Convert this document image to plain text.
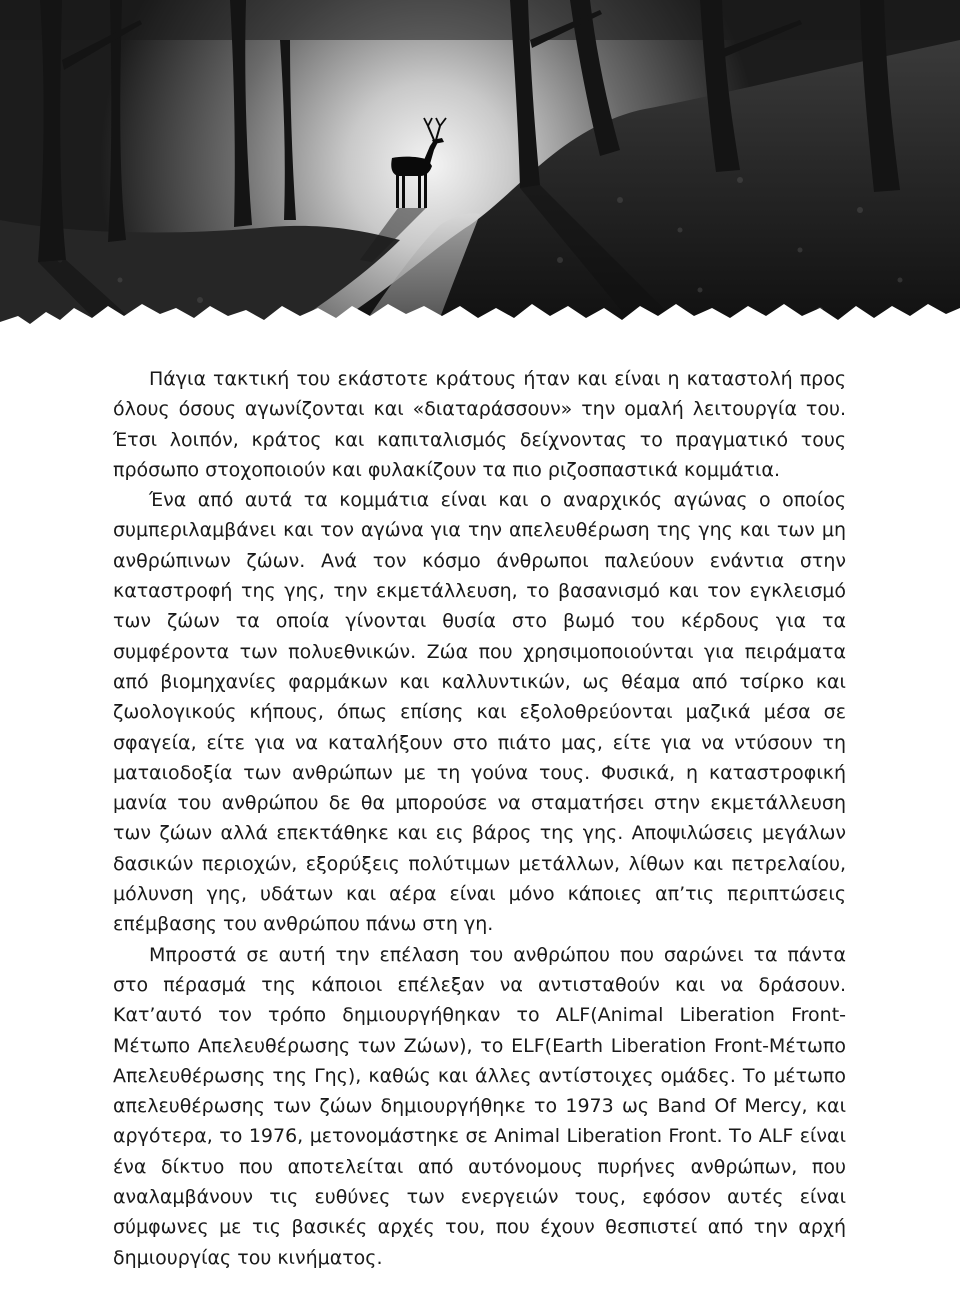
Πάγια τακτική του εκάστοτε κράτους ήταν και είναι η καταστολή προς όλους όσους αγωνίζονται και «διαταράσσουν» την ομαλή λειτουργία του. Έτσι λοιπόν, κράτος και καπιταλισμός δείχνοντας το πραγματικό τους πρόσωπο στοχοποιούν και φυλακίζουν τα πιο ριζοσπαστικά κομμάτια.

Ένα από αυτά τα κομμάτια είναι και ο αναρχικός αγώνας ο οποίος συμπεριλαμβάνει και τον αγώνα για την απελευθέρωση της γης και των μη ανθρώπινων ζώων. Ανά τον κόσμο άνθρωποι παλεύουν ενάντια στην καταστροφή της γης, την εκμετάλλευση, το βασανισμό και τον εγκλεισμό των ζώων τα οποία γίνονται θυσία στο βωμό του κέρδους για τα συμφέροντα των πολυεθνικών. Ζώα που χρησιμοποιούνται για πειράματα από βιομηχανίες φαρμάκων και καλλυντικών, ως θέαμα από τσίρκο και ζωολογικούς κήπους, όπως επίσης και εξολοθρεύονται μαζικά μέσα σε σφαγεία, είτε για να καταλήξουν στο πιάτο μας, είτε για να ντύσουν τη ματαιοδοξία των ανθρώπων με τη γούνα τους. Φυσικά, η καταστροφική μανία του ανθρώπου δε θα μπορούσε να σταματήσει στην εκμετάλλευση των ζώων αλλά επεκτάθηκε και εις βάρος της γης. Αποψιλώσεις μεγάλων δασικών περιοχών, εξορύξεις πολύτιμων μετάλλων, λίθων και πετρελαίου, μόλυνση γης, υδάτων και αέρα είναι μόνο κάποιες απ’τις περιπτώσεις επέμβασης του ανθρώπου πάνω στη γη.

Μπροστά σε αυτή την επέλαση του ανθρώπου που σαρώνει τα πάντα στο πέρασμά της κάποιοι επέλεξαν να αντισταθούν και να δράσουν. Κατ’αυτό τον τρόπο δημιουργήθηκαν το ALF(Animal Liberation Front-Μέτωπο Απελευθέρωσης των Ζώων), το ELF(Earth Liberation Front-Μέτωπο Απελευθέρωσης της Γης), καθώς και άλλες αντίστοιχες ομάδες. Το μέτωπο απελευθέρωσης των ζώων δημιουργήθηκε το 1973 ως Band Of Mercy, και αργότερα, το 1976, μετονομάστηκε σε Animal Liberation Front. Το ALF είναι ένα δίκτυο που αποτελείται από αυτόνομους πυρήνες ανθρώπων, που αναλαμβάνουν τις ευθύνες των ενεργειών τους, εφόσον αυτές είναι σύμφωνες με τις βασικές αρχές του, που έχουν θεσπιστεί από την αρχή δημιουργίας του κινήματος.
